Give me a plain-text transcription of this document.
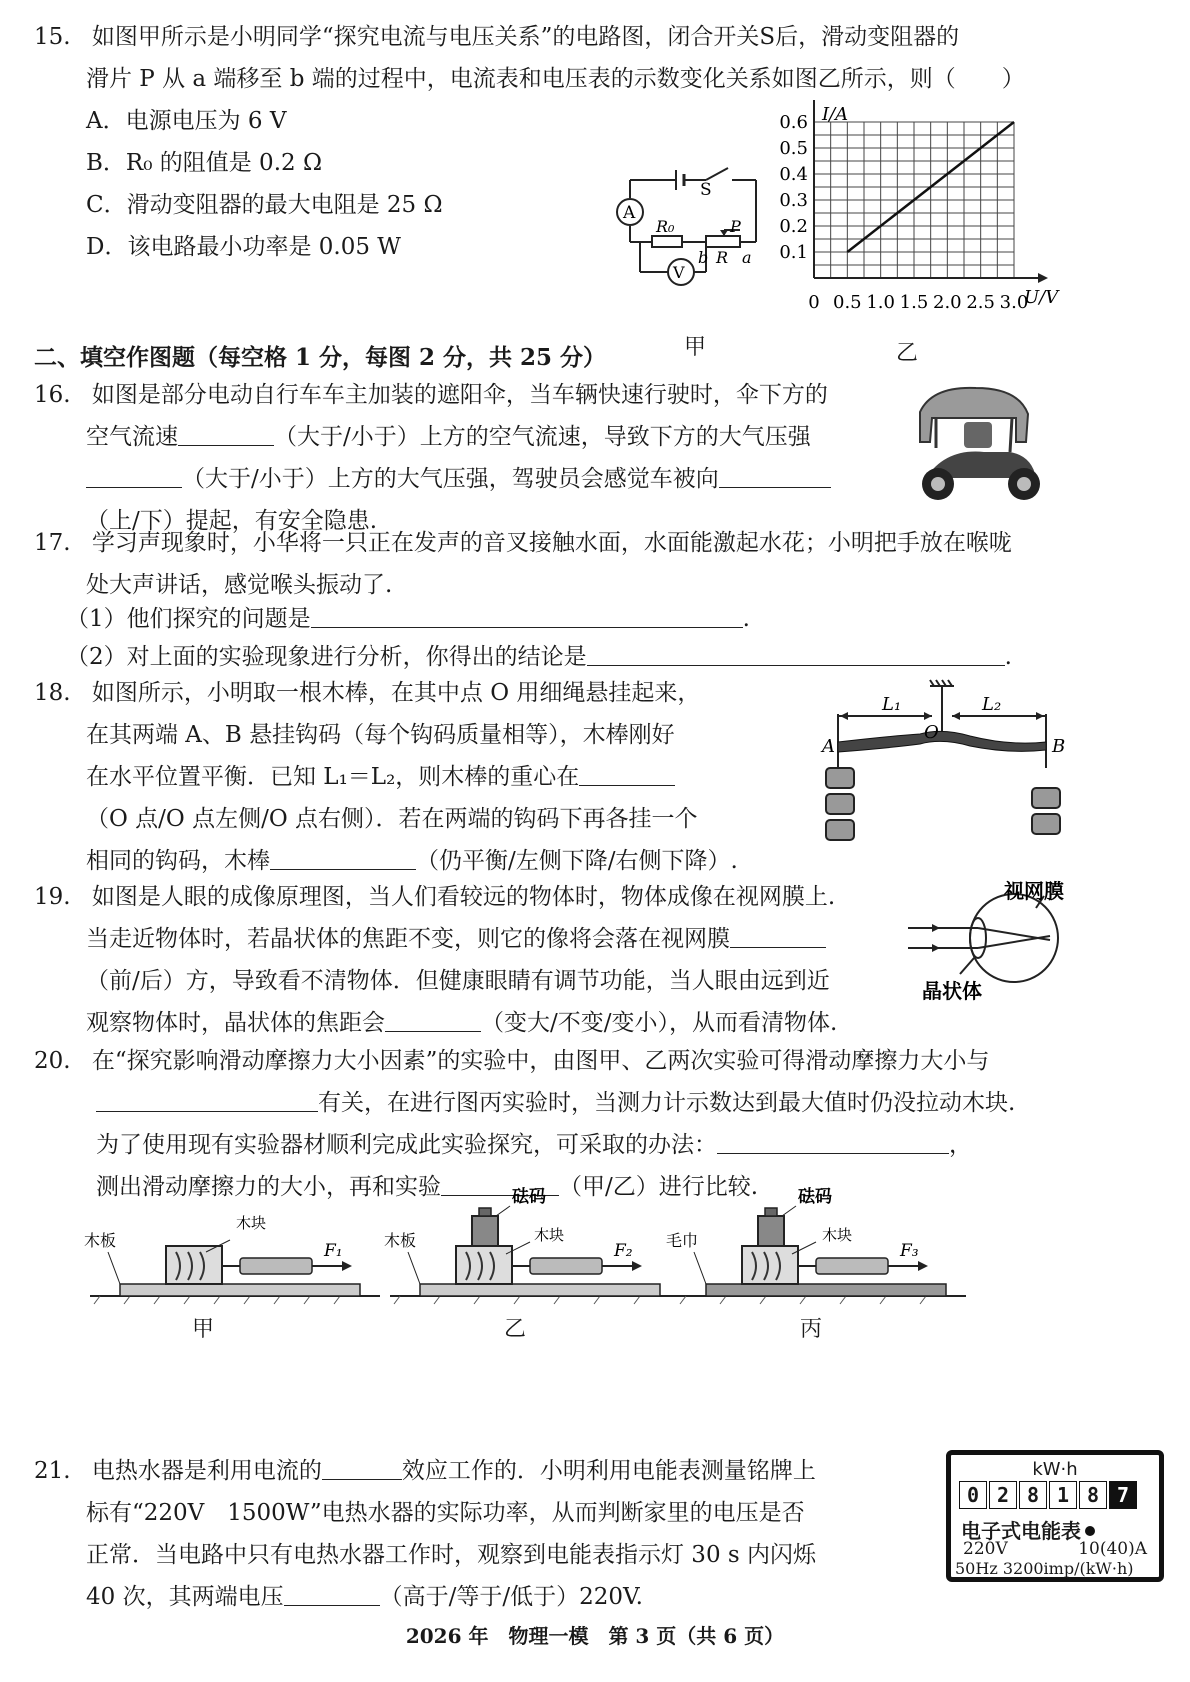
15. 如图甲所示是小明同学“探究电流与电压关系”的电路图，闭合开关S后，滑动变阻器的
滑片 P 从 a 端移至 b 端的过程中，电流表和电压表的示数变化关系如图乙所示，则（　　）
A．电源电压为 6 V
B．R₀ 的阻值是 0.2 Ω
C．滑动变阻器的最大电阻是 25 Ω
D．该电路最小功率是 0.05 W
S
A
V
R₀	P
R a
b
甲
0 0.5 1.0 1.5 2.0 2.5 3.0
0.1
0.2
0.3
0.4
0.5
0.6 I/A
U/V
乙
二、填空作图题（每空格 1 分，每图 2 分，共 25 分）
16. 如图是部分电动自行车车主加装的遮阳伞，当车辆快速行驶时，伞下方的
空气流速	（大于/小于）上方的空气流速，导致下方的大气压强
（大于/小于）上方的大气压强，驾驶员会感觉车被向
（上/下）提起，有安全隐患.
17. 学习声现象时，小华将一只正在发声的音叉接触水面，水面能激起水花；小明把手放在喉咙
处大声讲话，感觉喉头振动了.
（1）他们探究的问题是	.
（2）对上面的实验现象进行分析，你得出的结论是	.
18. 如图所示，小明取一根木棒，在其中点 O 用细绳悬挂起来，
在其两端 A、B 悬挂钩码（每个钩码质量相等），木棒刚好
在水平位置平衡．已知 L₁＝L₂，则木棒的重心在
（O 点/O 点左侧/O 点右侧）．若在两端的钩码下再各挂一个
相同的钩码，木棒	（仍平衡/左侧下降/右侧下降）.
L₁	L₂
A	B
O
19. 如图是人眼的成像原理图，当人们看较远的物体时，物体成像在视网膜上.
当走近物体时，若晶状体的焦距不变，则它的像将会落在视网膜
（前/后）方，导致看不清物体．但健康眼睛有调节功能，当人眼由远到近
观察物体时，晶状体的焦距会	（变大/不变/变小），从而看清物体.
视网膜
晶状体
20. 在“探究影响滑动摩擦力大小因素”的实验中，由图甲、乙两次实验可得滑动摩擦力大小与
有关，在进行图丙实验时，当测力计示数达到最大值时仍没拉动木块.
为了使用现有实验器材顺利完成此实验探究，可采取的办法：	，
测出滑动摩擦力的大小，再和实验	（甲/乙）进行比较.
木板
木块
F₁
甲
木板	木块
砝码
F₂
乙
毛巾	木块
砝码
F₃
丙
21. 电热水器是利用电流的	效应工作的．小明利用电能表测量铭牌上
标有“220V　1500W”电热水器的实际功率，从而判断家里的电压是否
正常．当电路中只有电热水器工作时，观察到电能表指示灯 30 s 内闪烁
40 次，其两端电压	（高于/等于/低于）220V.
kW·h
0 2 8 1 8 7
电子式电能表
220V	10(40)A
50Hz 3200imp/(kW·h)
2026 年　物理一模　第 3 页（共 6 页）
